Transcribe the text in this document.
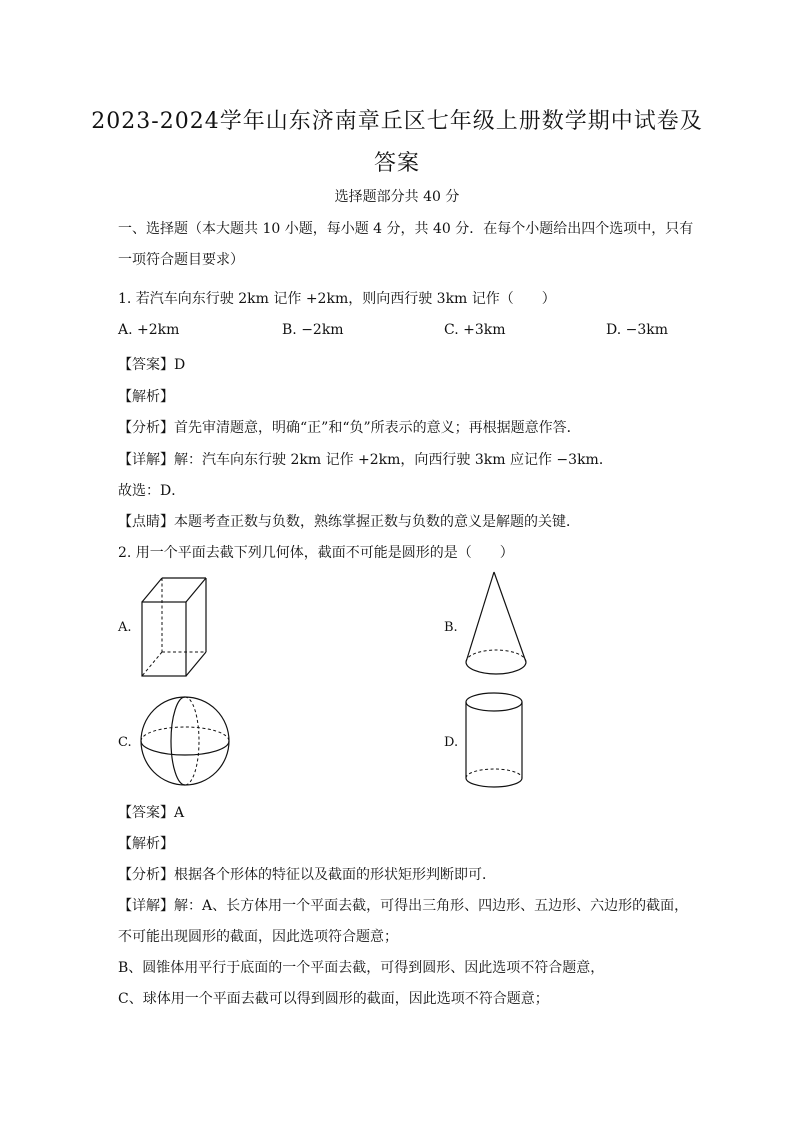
2023-2024学年山东济南章丘区七年级上册数学期中试卷及
答案
选择题部分共 40 分
一、选择题（本大题共 10 小题，每小题 4 分，共 40 分．在每个小题给出四个选项中，只有
一项符合题目要求）
1. 若汽车向东行驶 2km 记作 +2km，则向西行驶 3km 记作（　　）
A. +2km	B. −2km	C. +3km	D. −3km
【答案】D
【解析】
【分析】首先审清题意，明确“正”和“负”所表示的意义；再根据题意作答．
【详解】解：汽车向东行驶 2km 记作 +2km，向西行驶 3km 应记作 −3km．
故选：D．
【点睛】本题考查正数与负数，熟练掌握正数与负数的意义是解题的关键．
2. 用一个平面去截下列几何体，截面不可能是圆形的是（　　）
A.	B.
C.	D.
【答案】A
【解析】
【分析】根据各个形体的特征以及截面的形状矩形判断即可．
【详解】解：A、长方体用一个平面去截，可得出三角形、四边形、五边形、六边形的截面，
不可能出现圆形的截面，因此选项符合题意；
B、圆锥体用平行于底面的一个平面去截，可得到圆形、因此选项不符合题意，
C、球体用一个平面去截可以得到圆形的截面，因此选项不符合题意；
